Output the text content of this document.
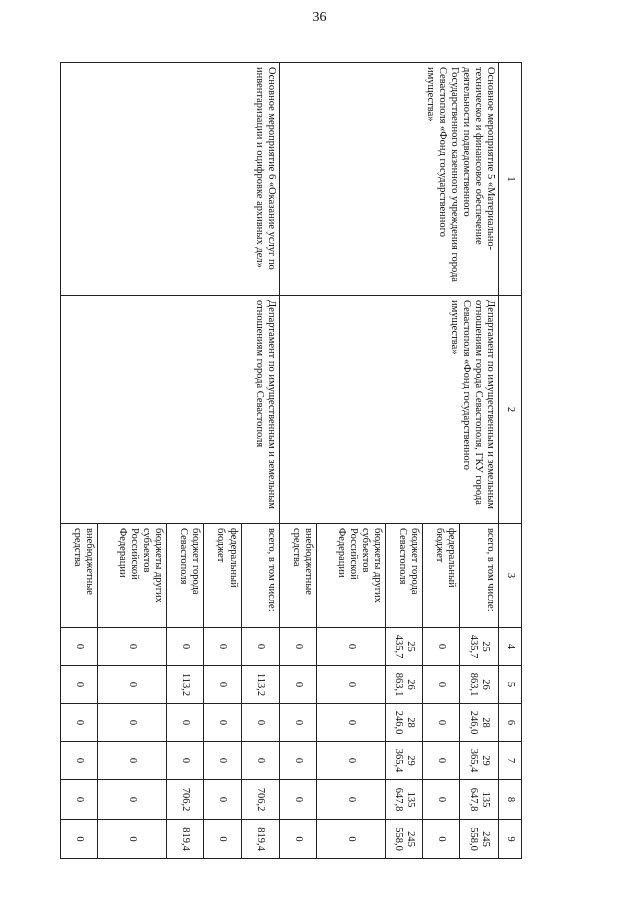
36
1	2	3	4	5	6	7	8	9
Основное мероприятие 5 «Материально-техническое и финансовое обеспечение деятельности подведомственного Государственного казенного учреждения города Севастополя «Фонд государственного имущества»	Департамент по имущественным и земельным отношениям города Севастополя, ГКУ города Севастополя «Фонд государственного имущества»	всего, в том числе:	25 435,7	26 863,1	28 246,0	29 365,4	135 647,8	245 558,0
		федеральный бюджет	0	0	0	0	0	0
		бюджет города Севастополя	25 435,7	26 863,1	28 246,0	29 365,4	135 647,8	245 558,0
		бюджеты других субъектов Российской Федерации	0	0	0	0	0	0
		внебюджетные средства	0	0	0	0	0	0
Основное мероприятие 6 «Оказание услуг по инвентаризации и оцифровке архивных дел»	Департамент по имущественным и земельным отношениям города Севастополя	всего, в том числе:	0	113,2	0	0	706,2	819,4
		федеральный бюджет	0	0	0	0	0	0
		бюджет города Севастополя	0	113,2	0	0	706,2	819,4
		бюджеты других субъектов Российской Федерации	0	0	0	0	0	0
		внебюджетные средства	0	0	0	0	0	0
